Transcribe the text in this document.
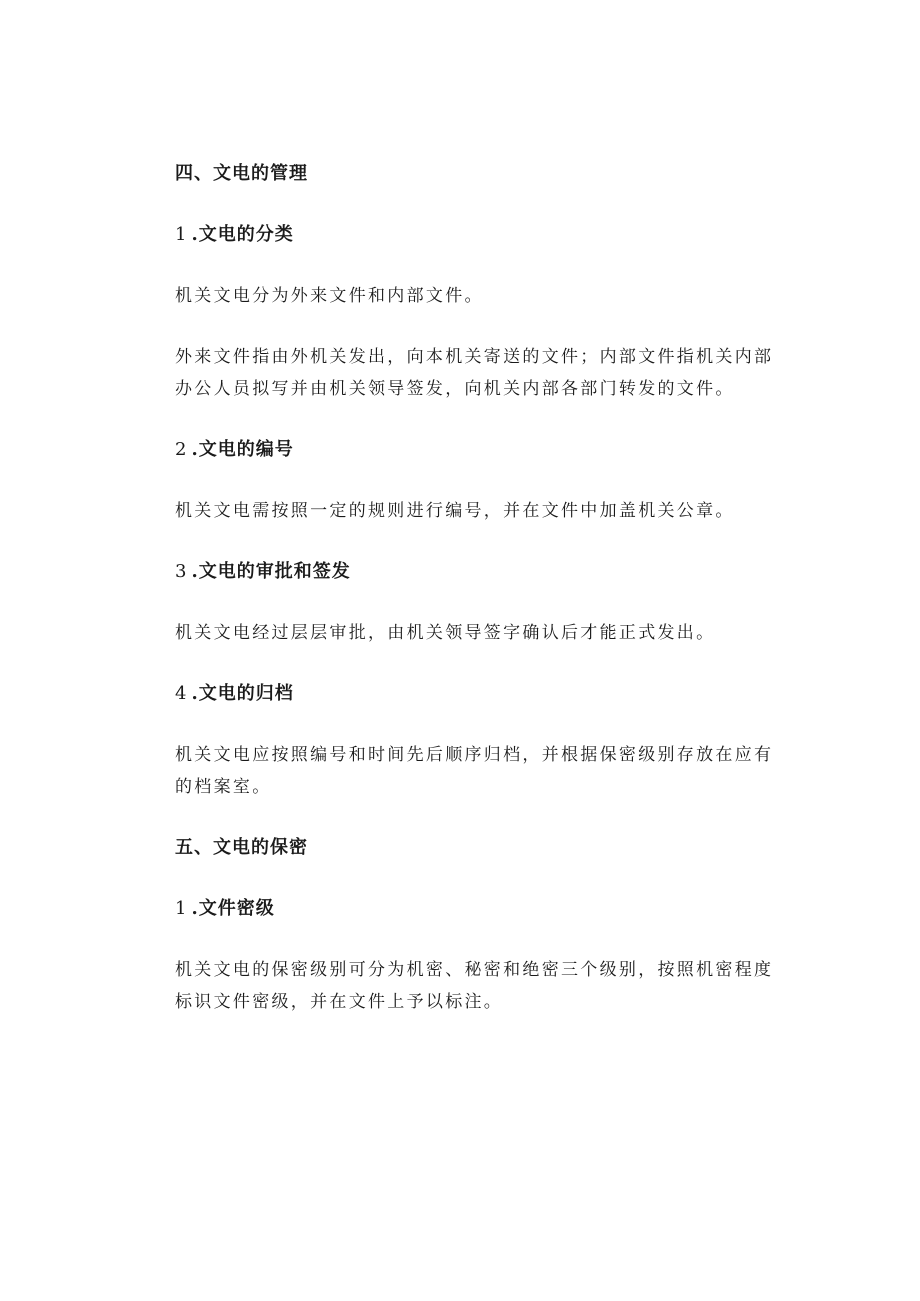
四、文电的管理

1 .文电的分类

机关文电分为外来文件和内部文件。

外来文件指由外机关发出，向本机关寄送的文件；内部文件指机关内部办公人员拟写并由机关领导签发，向机关内部各部门转发的文件。

2 .文电的编号

机关文电需按照一定的规则进行编号，并在文件中加盖机关公章。

3 .文电的审批和签发

机关文电经过层层审批，由机关领导签字确认后才能正式发出。

4 .文电的归档

机关文电应按照编号和时间先后顺序归档，并根据保密级别存放在应有的档案室。

五、文电的保密

1 .文件密级

机关文电的保密级别可分为机密、秘密和绝密三个级别，按照机密程度标识文件密级，并在文件上予以标注。
